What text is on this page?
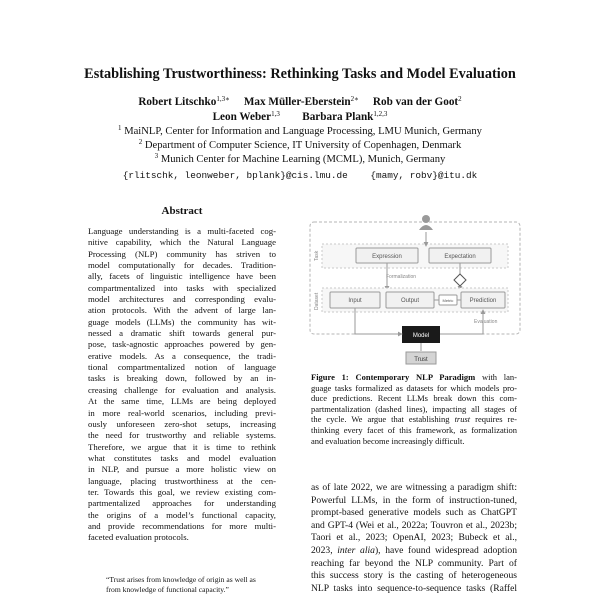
Establishing Trustworthiness: Rethinking Tasks and Model Evaluation
Robert Litschko$^{1,3∗}$ Max Müller-Eberstein$^{2∗}$ Rob van der Goot$^2$
Leon Weber$^{1,3}$ Barbara Plank$^{1,2,3}$
$^1$ MaiNLP, Center for Information and Language Processing, LMU Munich, Germany
$^2$ Department of Computer Science, IT University of Copenhagen, Denmark
$^3$ Munich Center for Machine Learning (MCML), Munich, Germany
{rlitschk, leonweber, bplank}@cis.lmu.de {mamy, robv}@itu.dk
Abstract
Language understanding is a multi-faceted cog-
nitive capability, which the Natural Language
Processing (NLP) community has striven to
model computationally for decades. Tradition-
ally, facets of linguistic intelligence have been
compartmentalized into tasks with specialized
model architectures and corresponding evalu-
ation protocols. With the advent of large lan-
guage models (LLMs) the community has wit-
nessed a dramatic shift towards general pur-
pose, task-agnostic approaches powered by gen-
erative models. As a consequence, the tradi-
tional compartmentalized notion of language
tasks is breaking down, followed by an in-
creasing challenge for evaluation and analysis.
At the same time, LLMs are being deployed
in more real-world scenarios, including previ-
ously unforeseen zero-shot setups, increasing
the need for trustworthy and reliable systems.
Therefore, we argue that it is time to rethink
what constitutes tasks and model evaluation
in NLP, and pursue a more holistic view on
language, placing trustworthiness at the cen-
ter. Towards this goal, we review existing com-
partmentalized approaches for understanding
the origins of a model’s functional capacity,
and provide recommendations for more multi-
faceted evaluation protocols.
“Trust arises from knowledge of origin as well as
from knowledge of functional capacity.”
Task	Expression	Expectation
Formalization
Dataset	Input	Output	Metric	Prediction
Evaluation
Model
Trust
Figure 1: Contemporary NLP Paradigm with lan-
guage tasks formalized as datasets for which models pro-
duce predictions. Recent LLMs break down this com-
partmentalization (dashed lines), impacting all stages of
the cycle. We argue that establishing trust requires re-
thinking every facet of this framework, as formalization
and evaluation become increasingly difficult.
as of late 2022, we are witnessing a paradigm shift:
Powerful LLMs, in the form of instruction-tuned,
prompt-based generative models such as ChatGPT
and GPT-4 (Wei et al., 2022a; Touvron et al., 2023b;
Taori et al., 2023; OpenAI, 2023; Bubeck et al.,
2023, inter alia), have found widespread adoption
reaching far beyond the NLP community. Part of
this success story is the casting of heterogeneous
NLP tasks into sequence-to-sequence tasks (Raffel
